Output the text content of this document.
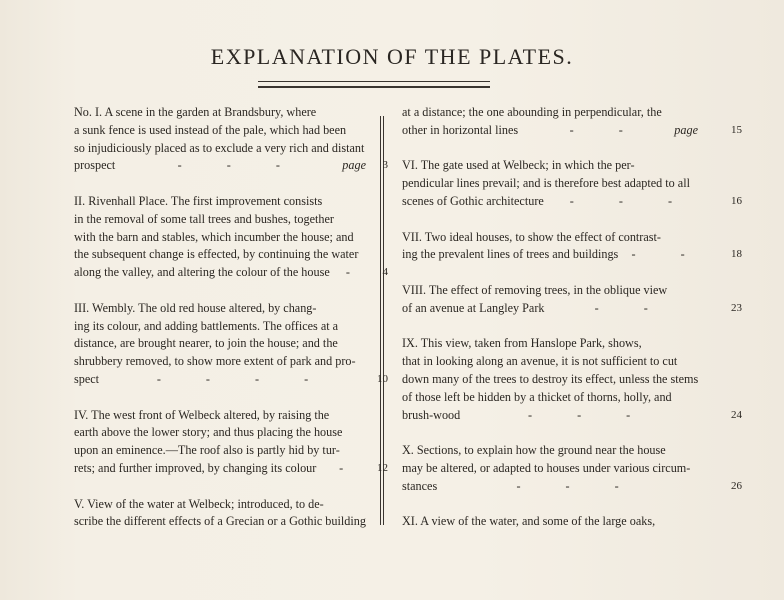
EXPLANATION OF THE PLATES.
No. I. A scene in the garden at Brandsbury, where
a sunk fence is used instead of the pale, which had been
so injudiciously placed as to exclude a very rich and distant
prospect	- - -	page 3
II. Rivenhall Place. The first improvement consists
in the removal of some tall trees and bushes, together
with the barn and stables, which incumber the house; and
the subsequent change is effected, by continuing the water
along the valley, and altering the colour of the house -	4
III. Wembly. The old red house altered, by chang-
ing its colour, and adding battlements. The offices at a
distance, are brought nearer, to join the house; and the
shrubbery removed, to show more extent of park and pro-
spect	- - - -	10
IV. The west front of Welbeck altered, by raising the
earth above the lower story; and thus placing the house
upon an eminence.—The roof also is partly hid by tur-
rets; and further improved, by changing its colour -	12
V. View of the water at Welbeck; introduced, to de-
scribe the different effects of a Grecian or a Gothic building
at a distance; the one abounding in perpendicular, the
other in horizontal lines	- -	page	15
VI. The gate used at Welbeck; in which the per-
pendicular lines prevail; and is therefore best adapted to all
scenes of Gothic architecture - - -	16
VII. Two ideal houses, to show the effect of contrast-
ing the prevalent lines of trees and buildings - -	18
VIII. The effect of removing trees, in the oblique view
of an avenue at Langley Park	- -	23
IX. This view, taken from Hanslope Park, shows,
that in looking along an avenue, it is not sufficient to cut
down many of the trees to destroy its effect, unless the stems
of those left be hidden by a thicket of thorns, holly, and
brush-wood	- - -	24
X. Sections, to explain how the ground near the house
may be altered, or adapted to houses under various circum-
stances	- - -	26
XI. A view of the water, and some of the large oaks,
